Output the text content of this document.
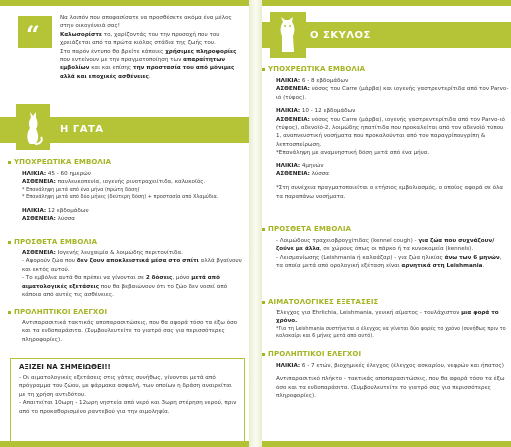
“
Να λοιπόν που αποφασίσατε να προσθέσετε ακόμα ένα μέλος στην οικογένειά σας!
Καλωσορίστε το, χαρίζοντάς του την προσοχή που του χρειάζεται από τα πρώτα κιόλας στάδια της ζωής του.
Στο παρόν έντυπο θα βρείτε κάποιες χρήσιμες πληροφορίες που εντείνουν με την πραγματοποίηση των απαραίτητων εμβολίων και και επίσης την προστασία του από μόνιμες αλλά και εποχικές ασθένειες.
Η ΓΑΤΑ
ΥΠΟΧΡΕΩΤΙΚΑ ΕΜΒΟΛΙΑ
ΗΛΙΚΙΑ: 45 - 60 ημερών
ΑΣΘΕΝΕΙΑ: πανλευκοπενία, ιογενής ρινοτραχειίτιδα, καλυκοϊός.
* Επανάληψη μετά από ένα μήνα (πρώτη δόση)
* Επανάληψη μετά από δύο μήνες (δεύτερη δόση) + προστασία από Χλαμύδια.
ΗΛΙΚΙΑ: 12 εβδομάδων
ΑΣΘΕΝΕΙΑ: λύσσα
ΠΡΟΣΘΕΤΑ ΕΜΒΟΛΙΑ
ΑΣΘΕΝΕΙΑ: Ιογενής λευχαιμία & λοιμώδης περιτονίτιδα.
- Αφορούν ζώα που δεν ζουν αποκλειστικά μέσα στο σπίτι αλλά βγαίνουν και εκτός αυτού.
- Το εμβόλια αυτά θα πρέπει να γίνονται σε 2 δόσεις, μόνο μετά από αιματολογικές εξετάσεις που θα βεβαιώνουν ότι το ζώο δεν νοσεί από κάποια από αυτές τις ασθένειες.
ΠΡΟΛΗΠΤΙΚΟΙ ΕΛΕΓΧΟΙ
Αντιπαρασιτικά τακτικάς αποπαρασιτώσεις, που θα αφορά τόσο τα έξω όσο και τα ενδοπαράσιτα. (Συμβουλευτείτε το γιατρό σας για περισσότερες πληροφορίες).
ΑΞΙΖΕΙ ΝΑ ΣΗΜΕΙΩΘΕΙ!!
- Οι αιματολογικές εξετάσεις στις γάτες συνήθως, γίνονται μετά από πρόγραμμα του ζώου, με φάρμακα ασφαλή, των οποίων η δράση αναιρείται με τη χρήση αντιδότου.
- Απαιτείται 10ωρη - 12ωρη νηστεία από νερό και 3ωρη στέρηση νερού, πριν από το προκαθορισμένο ραντεβού για την αιμοληψία.
Ο ΣΚΥΛΟΣ
ΥΠΟΧΡΕΩΤΙΚΑ ΕΜΒΟΛΙΑ
ΗΛΙΚΙΑ: 6 - 8 εβδομάδων
ΑΣΘΕΝΕΙΑ: νόσος του Carre (μάρβα) και ιογενής γαστρεντερίτιδα από τον Parvo-ιό (τύφος).
ΗΛΙΚΙΑ: 10 - 12 εβδομάδων
ΑΣΘΕΝΕΙΑ: νόσος του Carre (μάρβα), ιογενής γαστρεντερίτιδα από τον Parvo-ιό (τύφος), αδενοϊό-2, λοιμώδης ηπατίτιδα που προκαλείται από τον αδενοϊό τύπου 1, αναπνευστική νοσήματα που προκαλούνται από τον παραγρίπουγρίπη & λεπτοσπείρωση.
*Επανάληψη με αναμνηστική δόση μετά από ένα μήνα.
ΗΛΙΚΙΑ: 4μηνών
ΑΣΘΕΝΕΙΑ: λύσσα
*Στη συνέχεια πραγματοποιείται ο ετήσιος εμβολιασμός, ο οποίος αφορά σε όλα τα παραπάνω νοσήματα.
ΠΡΟΣΘΕΤΑ ΕΜΒΟΛΙΑ
- Λοιμώδους τραχειοβρογχίτιδας (kennel cough) - για ζώα που συχνάζουν/ζούνε με άλλα, σε χώρους όπως οι πάρκο ή τα κυνοκομεία (kennels).
- Λεισμανίωσης (Leishmania ή καλαάζαρ) - για ζώα ηλικίας άνω των 6 μηνών, τα οποία μετά από ορολογική εξέταση είναι αρνητικά στη Leishmania.
ΑΙΜΑΤΟΛΟΓΙΚΕΣ ΕΞΕΤΑΣΕΙΣ
Έλεγχος για Ehrlichia, Leishmania, γενική αίματος - τουλάχιστον μια φορά το χρόνο.
*Για τη Leishmania συστήνεται ο έλεγχος να γίνεται δύο φορές το χρόνο (συνήθως πριν το καλοκαίρι και 6 μήνες μετά από αυτό).
ΠΡΟΛΗΠΤΙΚΟΙ ΕΛΕΓΧΟΙ
ΗΛΙΚΙΑ: 6 - 7 ετών, βιοχημικές έλεγχος (έλεγχος ασκαρίου, νεφρών και ήπατος)
Αντιπαρασιτικό πλήκτο - τακτικάς αποπαρασιτώσεις, που θα αφορά τόσο τα έξω όσο και τα ενδοπαράσιτα. (Συμβουλευτείτε το γιατρό σας για περισσότερες πληροφορίες).
